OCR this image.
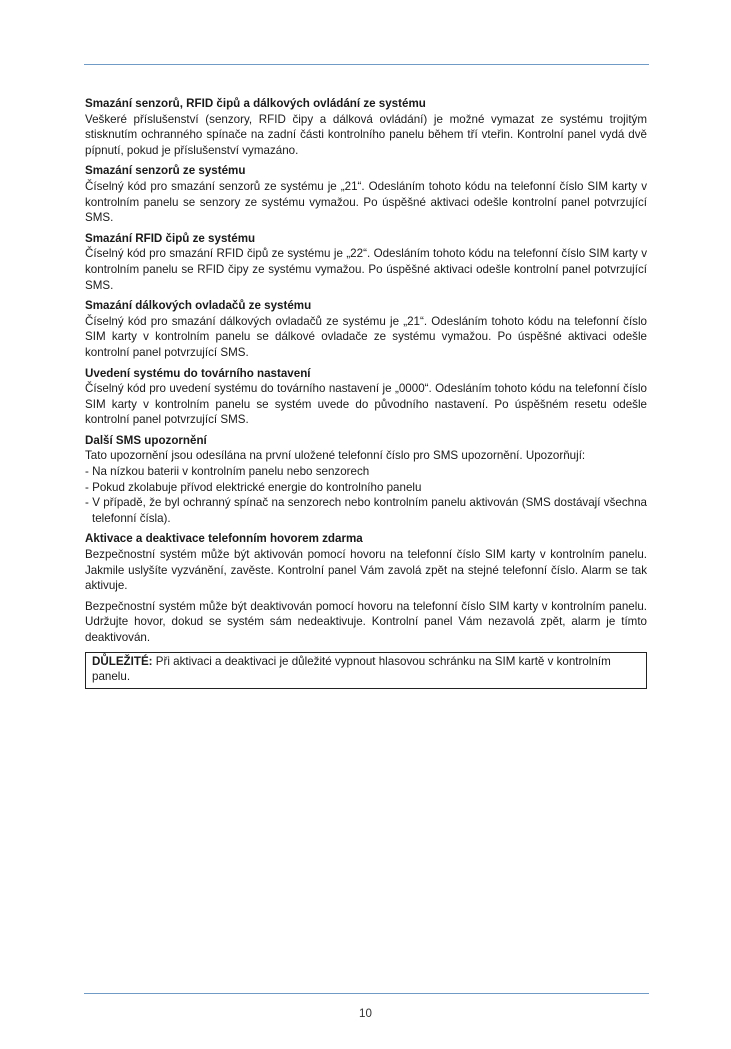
Smazání senzorů, RFID čipů a dálkových ovládání ze systému

Veškeré příslušenství (senzory, RFID čipy a dálková ovládání) je možné vymazat ze systému trojitým stisknutím ochranného spínače na zadní části kontrolního panelu během tří vteřin. Kontrolní panel vydá dvě pípnutí, pokud je příslušenství vymazáno.

Smazání senzorů ze systému

Číselný kód pro smazání senzorů ze systému je „21“. Odesláním tohoto kódu na telefonní číslo SIM karty v kontrolním panelu se senzory ze systému vymažou. Po úspěšné aktivaci odešle kontrolní panel potvrzující SMS.

Smazání RFID čipů ze systému

Číselný kód pro smazání RFID čipů ze systému je „22“. Odesláním tohoto kódu na telefonní číslo SIM karty v kontrolním panelu se RFID čipy ze systému vymažou. Po úspěšné aktivaci odešle kontrolní panel potvrzující SMS.

Smazání dálkových ovladačů ze systému

Číselný kód pro smazání dálkových ovladačů ze systému je „21“. Odesláním tohoto kódu na telefonní číslo SIM karty v kontrolním panelu se dálkové ovladače ze systému vymažou. Po úspěšné aktivaci odešle kontrolní panel potvrzující SMS.

Uvedení systému do továrního nastavení

Číselný kód pro uvedení systému do továrního nastavení je „0000“. Odesláním tohoto kódu na telefonní číslo SIM karty v kontrolním panelu se systém uvede do původního nastavení. Po úspěšném resetu odešle kontrolní panel potvrzující SMS.

Další SMS upozornění

Tato upozornění jsou odesílána na první uložené telefonní číslo pro SMS upozornění. Upozorňují:

- Na nízkou baterii v kontrolním panelu nebo senzorech
- Pokud zkolabuje přívod elektrické energie do kontrolního panelu
- V případě, že byl ochranný spínač na senzorech nebo kontrolním panelu aktivován (SMS dostávají všechna telefonní čísla).
Aktivace a deaktivace telefonním hovorem zdarma

Bezpečnostní systém může být aktivován pomocí hovoru na telefonní číslo SIM karty v kontrolním panelu. Jakmile uslyšíte vyzvánění, zavěste. Kontrolní panel Vám zavolá zpět na stejné telefonní číslo. Alarm se tak aktivuje.

Bezpečnostní systém může být deaktivován pomocí hovoru na telefonní číslo SIM karty v kontrolním panelu. Udržujte hovor, dokud se systém sám nedeaktivuje. Kontrolní panel Vám nezavolá zpět, alarm je tímto deaktivován.

DŮLEŽITÉ: Při aktivaci a deaktivaci je důležité vypnout hlasovou schránku na SIM kartě v kontrolním panelu.
10
